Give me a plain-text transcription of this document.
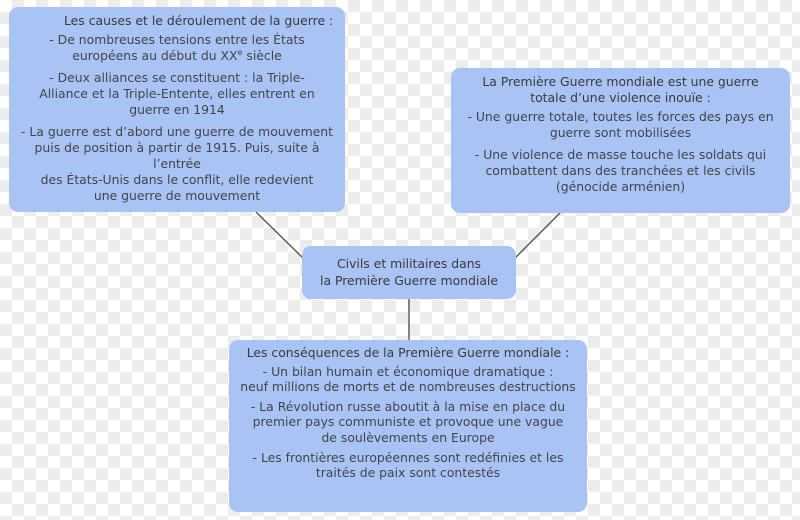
Les causes et le déroulement de la guerre :
- De nombreuses tensions entre les États
européens au début du XXe siècle
- Deux alliances se constituent : la Triple-
Alliance et la Triple-Entente, elles entrent en
guerre en 1914
- La guerre est d’abord une guerre de mouvement
puis de position à partir de 1915. Puis, suite à l’entrée
des États-Unis dans le conflit, elle redevient
une guerre de mouvement
La Première Guerre mondiale est une guerre
totale d’une violence inouïe :
- Une guerre totale, toutes les forces des pays en
guerre sont mobilisées
- Une violence de masse touche les soldats qui
combattent dans des tranchées et les civils
(génocide arménien)
Civils et militaires dans
la Première Guerre mondiale
Les conséquences de la Première Guerre mondiale :
- Un bilan humain et économique dramatique :
neuf millions de morts et de nombreuses destructions
- La Révolution russe aboutit à la mise en place du
premier pays communiste et provoque une vague
de soulèvements en Europe
- Les frontières européennes sont redéfinies et les
traités de paix sont contestés
